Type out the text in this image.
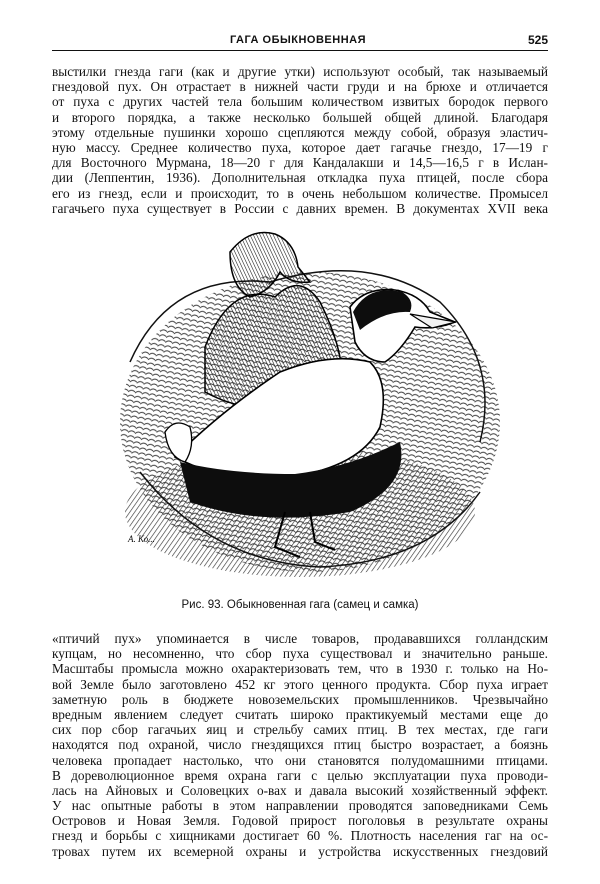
ГАГА ОБЫКНОВЕННАЯ	525
выстилки гнезда гаги (как и другие утки) используют особый, так называемый
гнездовой пух. Он отрастает в нижней части груди и на брюхе и отличается
от пуха с других частей тела большим количеством извитых бородок первого
и второго порядка, а также несколько большей общей длиной. Благодаря
этому отдельные пушинки хорошо сцепляются между собой, образуя эластич-
ную массу. Среднее количество пуха, которое дает гагачье гнездо, 17—19 г
для Восточного Мурмана, 18—20 г для Кандалакши и 14,5—16,5 г в Ислан-
дии (Леппентин, 1936). Дополнительная откладка пуха птицей, после сбора
его из гнезд, если и происходит, то в очень небольшом количестве. Промысел
гагачьего пуха существует в России с давних времен. В документах XVII века
А. Ко...
Рис. 93. Обыкновенная гага (самец и самка)
«птичий пух» упоминается в числе товаров, продававшихся голландским
купцам, но несомненно, что сбор пуха существовал и значительно раньше.
Масштабы промысла можно охарактеризовать тем, что в 1930 г. только на Но-
вой Земле было заготовлено 452 кг этого ценного продукта. Сбор пуха играет
заметную роль в бюджете новоземельских промышленников. Чрезвычайно
вредным явлением следует считать широко практикуемый местами еще до
сих пор сбор гагачьих яиц и стрельбу самих птиц. В тех местах, где гаги
находятся под охраной, число гнездящихся птиц быстро возрастает, а боязнь
человека пропадает настолько, что они становятся полудомашними птицами.
В дореволюционное время охрана гаги с целью эксплуатации пуха проводи-
лась на Айновых и Соловецких о-вах и давала высокий хозяйственный эффект.
У нас опытные работы в этом направлении проводятся заповедниками Семь
Островов и Новая Земля. Годовой прирост поголовья в результате охраны
гнезд и борьбы с хищниками достигает 60 %. Плотность населения гаг на ос-
тровах путем их всемерной охраны и устройства искусственных гнездовий
